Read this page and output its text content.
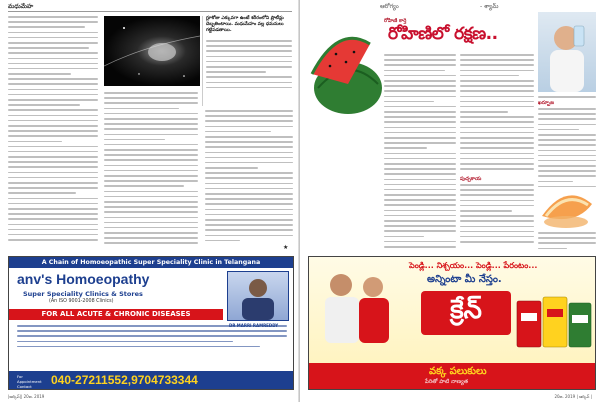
మధుమేహ
గ్లూకోజు ఎక్కువగా ఉంటే శరీరంలోని ప్రొటీన్లు దెబ్బతింటాయి. మధుమేహం వల్ల ధమనులు గట్టిపడతాయి.
★
A Chain of Homoeopathic Super Speciality Clinic in Telangana
anv's Homoeopathy
Super Speciality Clinics & Stores
(An ISO 9001-2008 Clinics)
FOR ALL ACUTE & CHRONIC DISEASES
For Appointment Contact	040-27211552,9704733344
|ఆర్కివ్|| 20జ. 2019
ఆరోగ్యం	- శ్యామ్
రోహిణిలో రక్షణ..
రోహిణి కార్తె
పుచ్చకాయ
ఖర్బూజ
పెండ్లి... నిశ్చయం... పెండ్లి... పేరంటం...
అన్నింటా మీ నేస్తం.
క్రేన్
వక్క పలుకులు
పేరితో పాటి నాణ్యత
20జ. 2019 | ఆర్కివ్ |
